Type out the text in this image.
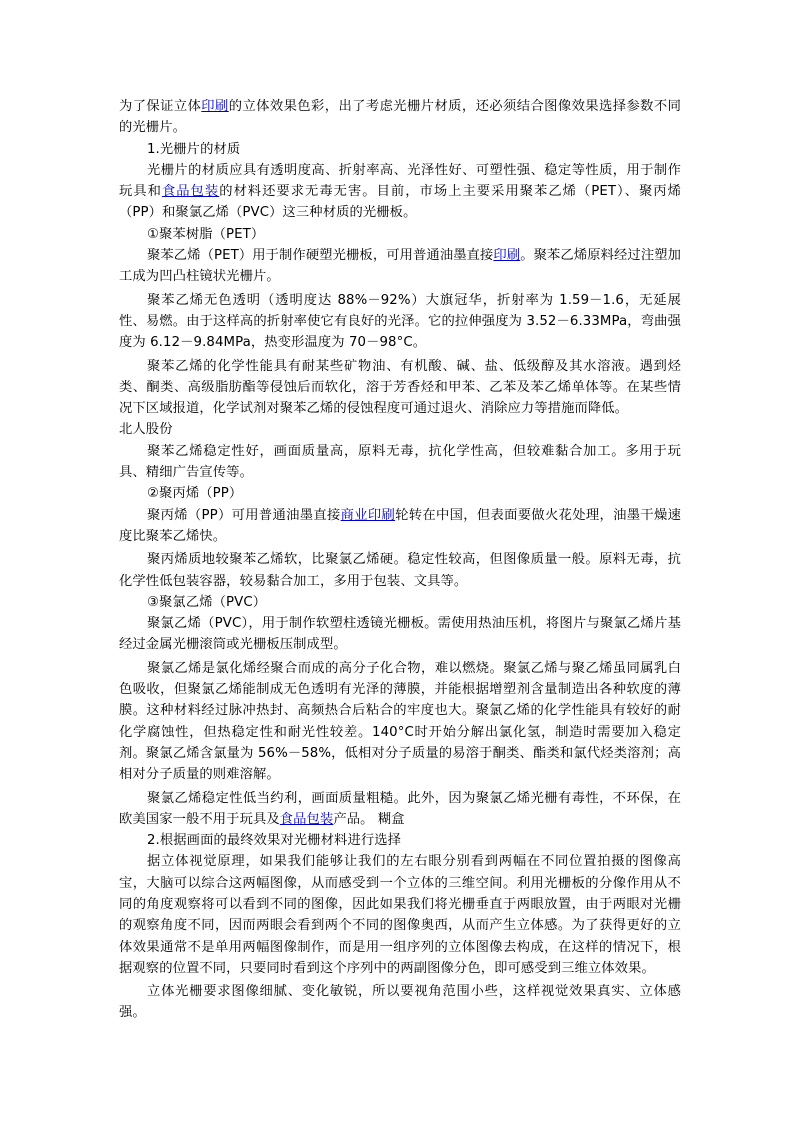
为了保证立体印刷的立体效果色彩，出了考虑光栅片材质，还必须结合图像效果选择参数不同的光栅片。

1.光栅片的材质

光栅片的材质应具有透明度高、折射率高、光泽性好、可塑性强、稳定等性质，用于制作玩具和食品包装的材料还要求无毒无害。目前，市场上主要采用聚苯乙烯（PET）、聚丙烯（PP）和聚氯乙烯（PVC）这三种材质的光栅板。

①聚苯树脂（PET）

聚苯乙烯（PET）用于制作硬塑光栅板，可用普通油墨直接印刷。聚苯乙烯原料经过注塑加工成为凹凸柱镜状光栅片。

聚苯乙烯无色透明（透明度达 88%－92%）大旗冠华，折射率为 1.59－1.6，无延展性、易燃。由于这样高的折射率使它有良好的光泽。它的拉伸强度为 3.52－6.33MPa，弯曲强度为 6.12－9.84MPa，热变形温度为 70－98°C。

聚苯乙烯的化学性能具有耐某些矿物油、有机酸、碱、盐、低级醇及其水溶液。遇到烃类、酮类、高级脂肪酯等侵蚀后而软化，溶于芳香烃和甲苯、乙苯及苯乙烯单体等。在某些情况下区域报道，化学试剂对聚苯乙烯的侵蚀程度可通过退火、消除应力等措施而降低。

北人股份

聚苯乙烯稳定性好，画面质量高，原料无毒，抗化学性高，但较难黏合加工。多用于玩具、精细广告宣传等。

②聚丙烯（PP）

聚丙烯（PP）可用普通油墨直接商业印刷轮转在中国，但表面要做火花处理，油墨干燥速度比聚苯乙烯快。

聚丙烯质地较聚苯乙烯软，比聚氯乙烯硬。稳定性较高，但图像质量一般。原料无毒，抗化学性低包装容器，较易黏合加工，多用于包装、文具等。

③聚氯乙烯（PVC）

聚氯乙烯（PVC），用于制作软塑柱透镜光栅板。需使用热油压机，将图片与聚氯乙烯片基经过金属光栅滚筒或光栅板压制成型。

聚氯乙烯是氯化烯经聚合而成的高分子化合物，难以燃烧。聚氯乙烯与聚乙烯虽同属乳白色吸收，但聚氯乙烯能制成无色透明有光泽的薄膜，并能根据增塑剂含量制造出各种软度的薄膜。这种材料经过脉冲热封、高频热合后粘合的牢度也大。聚氯乙烯的化学性能具有较好的耐化学腐蚀性，但热稳定性和耐光性较差。140°C时开始分解出氯化氢，制造时需要加入稳定剂。聚氯乙烯含氯量为 56%－58%，低相对分子质量的易溶于酮类、酯类和氯代烃类溶剂；高相对分子质量的则难溶解。

聚氯乙烯稳定性低当约利，画面质量粗糙。此外，因为聚氯乙烯光栅有毒性，不环保，在欧美国家一般不用于玩具及食品包装产品。 糊盒

2.根据画面的最终效果对光栅材料进行选择

据立体视觉原理，如果我们能够让我们的左右眼分别看到两幅在不同位置拍摄的图像高宝，大脑可以综合这两幅图像，从而感受到一个立体的三维空间。利用光栅板的分像作用从不同的角度观察将可以看到不同的图像，因此如果我们将光栅垂直于两眼放置，由于两眼对光栅的观察角度不同，因而两眼会看到两个不同的图像奥西，从而产生立体感。为了获得更好的立体效果通常不是单用两幅图像制作，而是用一组序列的立体图像去构成，在这样的情况下，根据观察的位置不同，只要同时看到这个序列中的两副图像分色，即可感受到三维立体效果。

立体光栅要求图像细腻、变化敏锐，所以要视角范围小些，这样视觉效果真实、立体感强。
